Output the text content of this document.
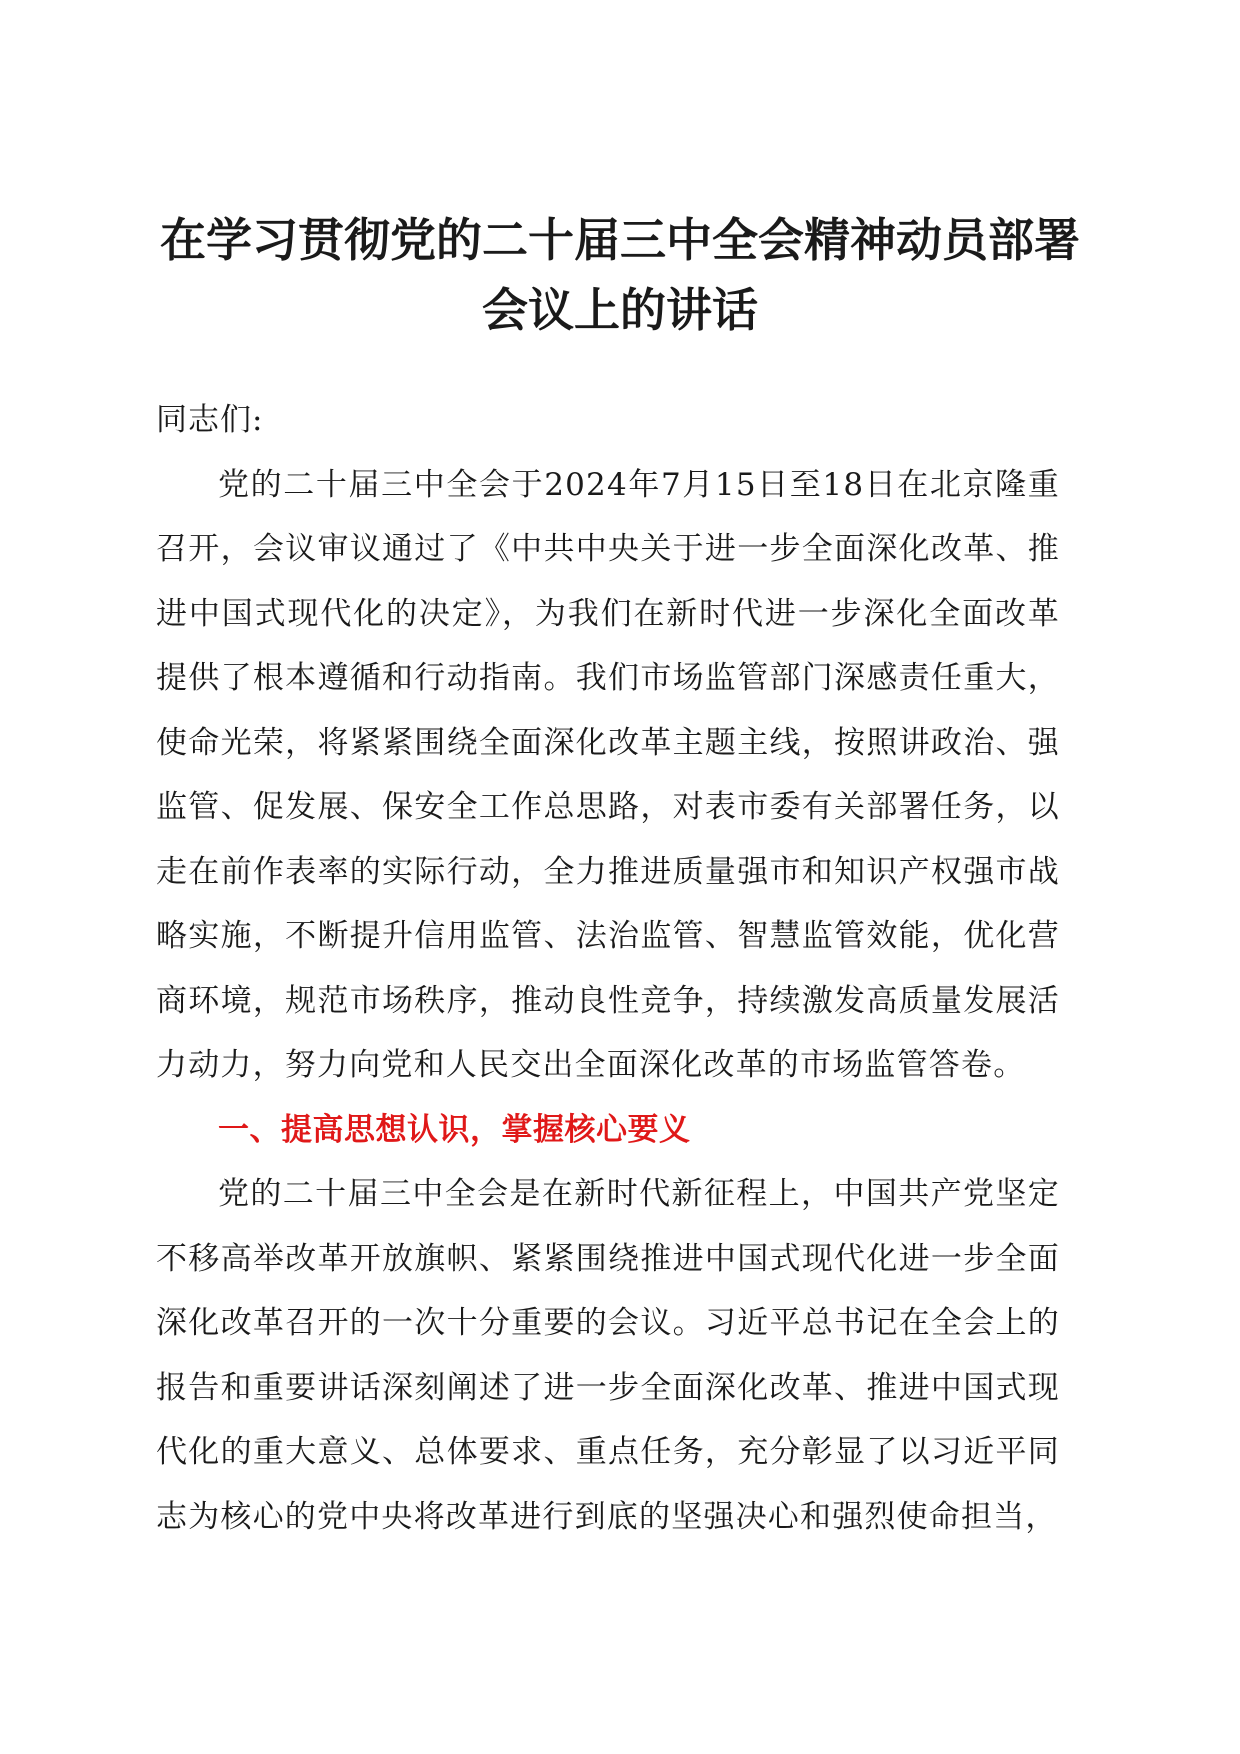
在学习贯彻党的二十届三中全会精神动员部署
会议上的讲话

同志们:

党的二十届三中全会于2024年7月15日至18日在北京隆重召开，会议审议通过了《中共中央关于进一步全面深化改革、推进中国式现代化的决定》，为我们在新时代进一步深化全面改革提供了根本遵循和行动指南。我们市场监管部门深感责任重大，使命光荣，将紧紧围绕全面深化改革主题主线，按照讲政治、强监管、促发展、保安全工作总思路，对表市委有关部署任务，以走在前作表率的实际行动，全力推进质量强市和知识产权强市战略实施，不断提升信用监管、法治监管、智慧监管效能，优化营商环境，规范市场秩序，推动良性竞争，持续激发高质量发展活力动力，努力向党和人民交出全面深化改革的市场监管答卷。

一、提高思想认识，掌握核心要义

党的二十届三中全会是在新时代新征程上，中国共产党坚定不移高举改革开放旗帜、紧紧围绕推进中国式现代化进一步全面深化改革召开的一次十分重要的会议。习近平总书记在全会上的报告和重要讲话深刻阐述了进一步全面深化改革、推进中国式现代化的重大意义、总体要求、重点任务，充分彰显了以习近平同志为核心的党中央将改革进行到底的坚强决心和强烈使命担当，
